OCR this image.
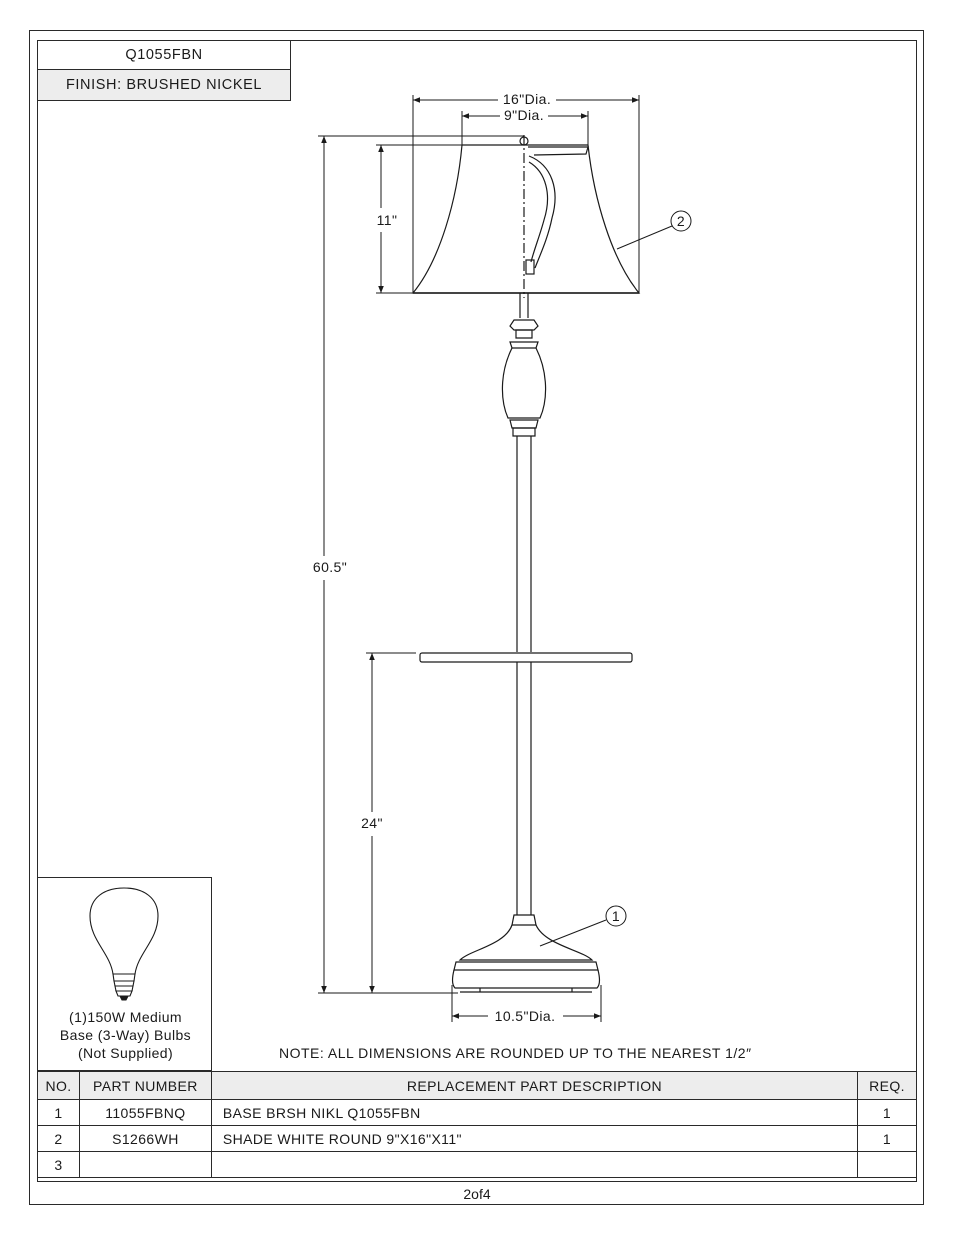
Q1055FBN
FINISH: BRUSHED NICKEL
16"Dia.
9"Dia.
11"
60.5"
24"
10.5"Dia.
2
1
(1)150W Medium
Base (3-Way) Bulbs
(Not Supplied)	NOTE: ALL DIMENSIONS ARE ROUNDED UP TO THE NEAREST 1/2″
NO.	PART NUMBER	REPLACEMENT PART DESCRIPTION	REQ.
1	11055FBNQ	BASE BRSH NIKL Q1055FBN	1
2	S1266WH	SHADE WHITE ROUND 9"X16"X11"	1
3			
2of4
